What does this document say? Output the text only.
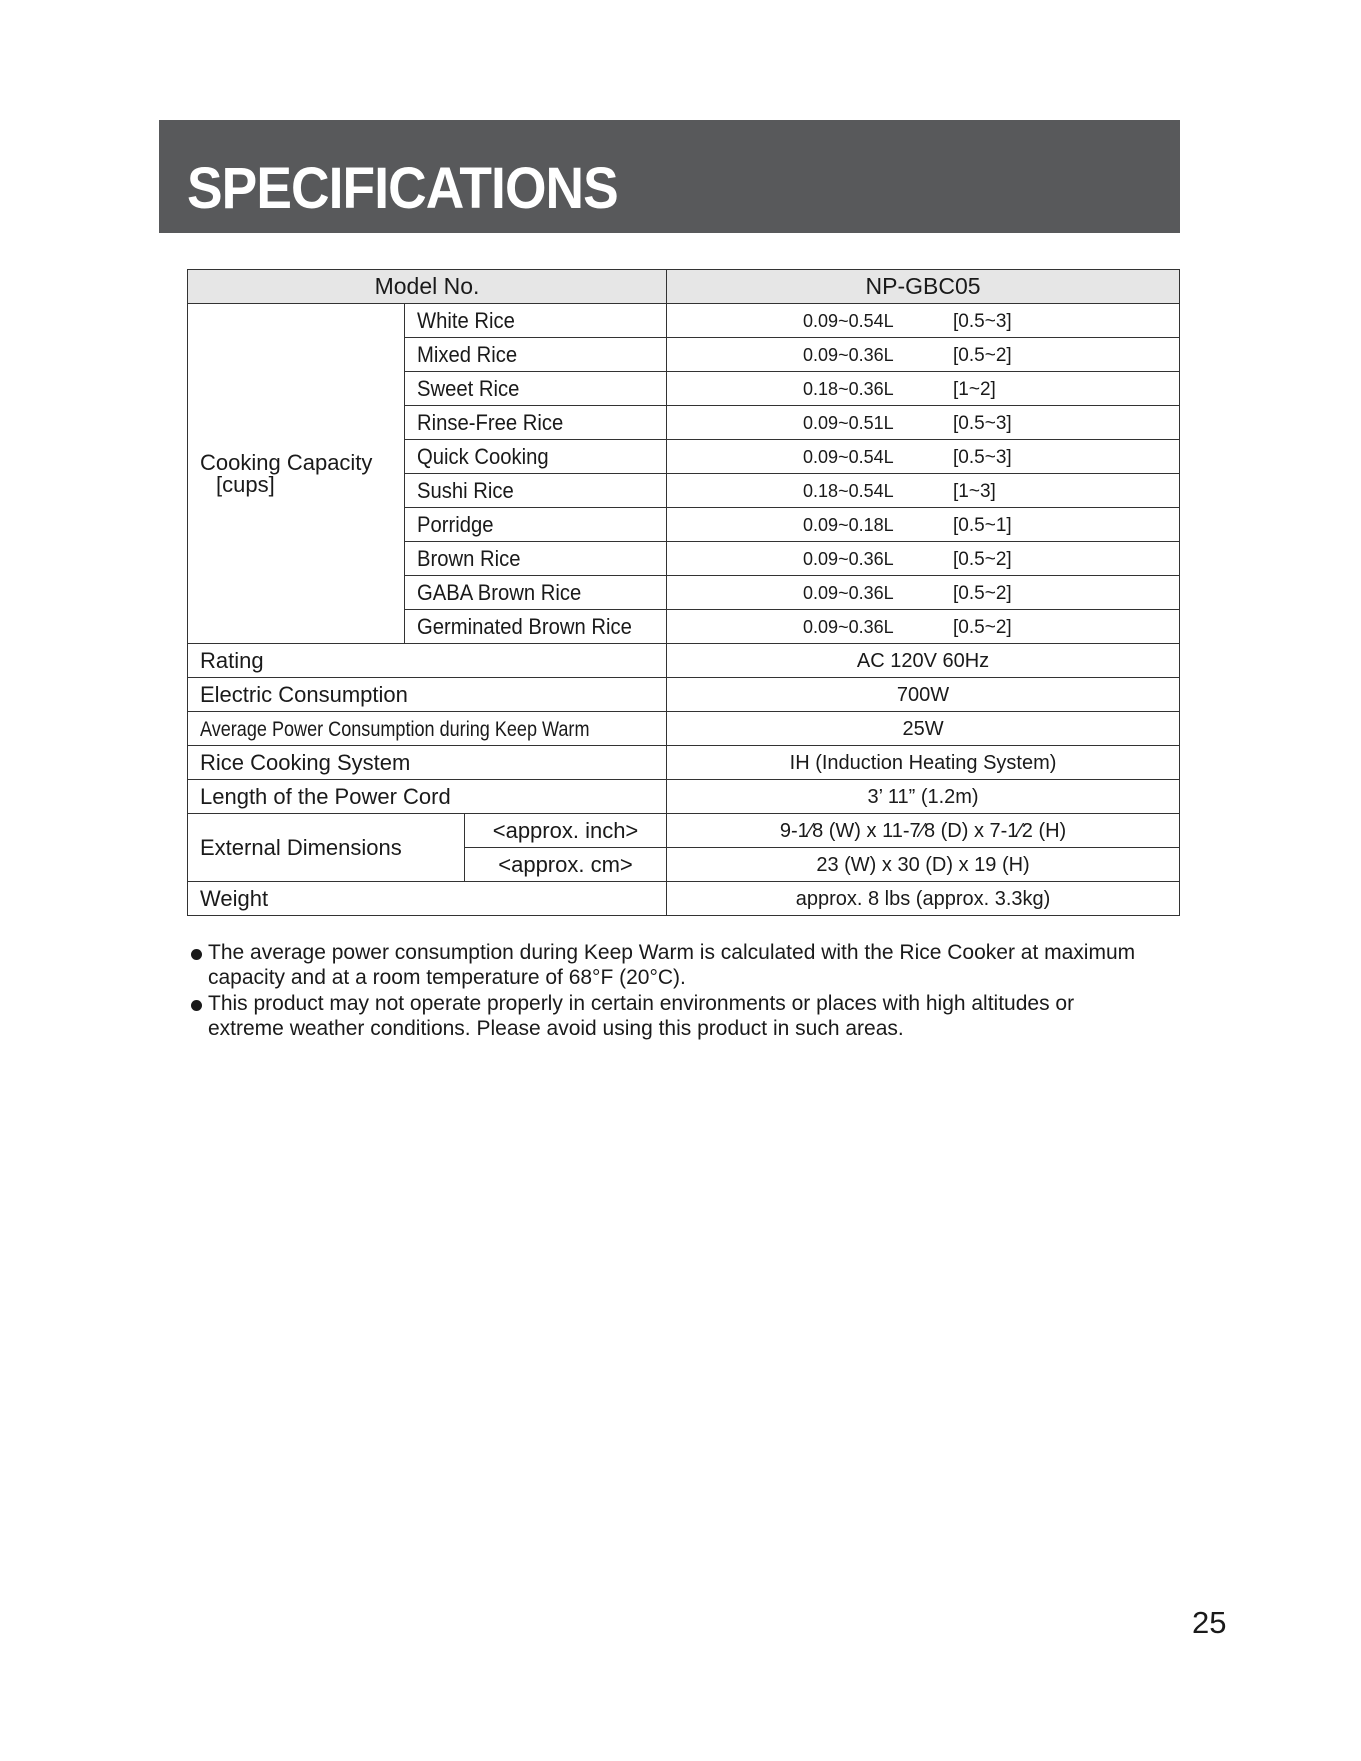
SPECIFICATIONS
Model No.			NP-GBC05

Cooking Capacity
[cups]	White Rice		0.09~0.54L [0.5~3]
	Mixed Rice		0.09~0.36L [0.5~2]
	Sweet Rice		0.18~0.36L [1~2]
	Rinse-Free Rice		0.09~0.51L [0.5~3]
	Quick Cooking		0.09~0.54L [0.5~3]
	Sushi Rice		0.18~0.54L [1~3]
	Porridge		0.09~0.18L [0.5~1]
	Brown Rice		0.09~0.36L [0.5~2]
	GABA Brown Rice		0.09~0.36L [0.5~2]
	Germinated Brown Rice		0.09~0.36L [0.5~2]
Rating			AC 120V 60Hz
Electric Consumption			700W
Average Power Consumption during Keep Warm			25W
Rice Cooking System			IH (Induction Heating System)
Length of the Power Cord			3’ 11” (1.2m)
External Dimensions		<approx. inch>	9-1⁄8 (W) x 11-7⁄8 (D) x 7-1⁄2 (H)
		<approx. cm>	23 (W) x 30 (D) x 19 (H)
Weight			approx. 8 lbs (approx. 3.3kg)
The average power consumption during Keep Warm is calculated with the Rice Cooker at maximum capacity and at a room temperature of 68°F (20°C).
This product may not operate properly in certain environments or places with high altitudes or extreme weather conditions. Please avoid using this product in such areas.
25
